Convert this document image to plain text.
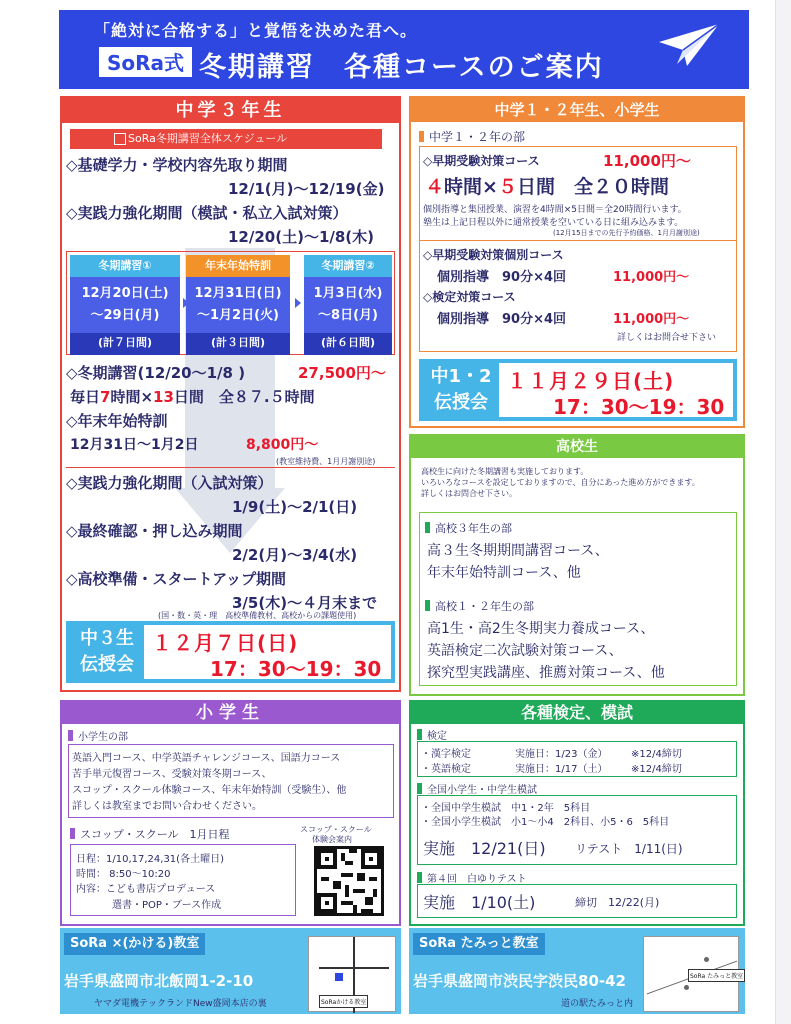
「絶対に合格する」と覚悟を決めた君へ。
SoRa式 冬期講習　各種コースのご案内
中学３年生
SoRa冬期講習全体スケジュール
◇基礎学力・学校内容先取り期間
12/1(月)～12/19(金)
◇実践力強化期間（模試・私立入試対策）
12/20(土)～1/8(木)
冬期講習①
12月20日(土)
～29日(月)
(計７日間)
年末年始特訓
12月31日(日)
～1月2日(火)
(計３日間)
冬期講習②
1月3日(水)
～8日(月)
(計６日間)
◇冬期講習(12/20～1/8 )	27,500円～
毎日7時間×13日間　全８７.５時間
◇年末年始特訓
12月31日～1月2日	8,800円～
(教室維持費、1月月謝別途)
◇実践力強化期間（入試対策）
1/9(土)～2/1(日)
◇最終確認・押し込み期間
2/2(月)～3/4(水)
◇高校準備・スタートアップ期間
3/5(木)～４月末まで
(国・数・英・理　高校準備教材、高校からの課題使用)
中３生
伝授会
１２月７日(日)
17：30～19：30
中学１・２年生、小学生
中学１・２年の部
◇早期受験対策コース	11,000円～
４時間×５日間　全２０時間
個別指導と集団授業、演習を4時間×5日間＝全20時間行います。
塾生は上記日程以外に通常授業を空いている日に組み込みます。
(12月15日までの先行予約価格、1月月謝別途)
◇早期受験対策個別コース
個別指導　90分×4回	11,000円～
◇検定対策コース
個別指導　90分×4回	11,000円～
詳しくはお問合せ下さい
中1・2
伝授会
１１月２９日(土)
17：30～19：30
高校生
高校生に向けた冬期講習も実施しております。
いろいろなコースを設定しておりますので、自分にあった進め方ができます。
詳しくはお問合せ下さい。
高校３年生の部
高３生冬期期間講習コース、
年末年始特訓コース、他
高校１・２年生の部
高1生・高2生冬期実力養成コース、
英語検定二次試験対策コース、
探究型実践講座、推薦対策コース、他
小学生
小学生の部
英語入門コース、中学英語チャレンジコース、国語力コース
苦手単元復習コース、受験対策冬期コース、
スコップ・スクール体験コース、年末年始特訓（受験生）、他
詳しくは教室までお問い合わせください。
スコップ・スクール　1月日程	スコップ・スクール
体験会案内
日程：1/10,17,24,31(各土曜日)
時間： 8:50～10:20
内容：こども書店プロデュース
選書・POP・ブース作成
各種検定、模試
検定
・漢字検定	実施日：1/23（金） ※12/4締切
・英語検定	実施日：1/17（土） ※12/4締切
全国小学生・中学生模試
・全国中学生模試　中1・2年　5科目
・全国小学生模試　小1～小4　2科目、小5・6　5科目
実施　12/21(日) リテスト　1/11(日)
第４回　白ゆりテスト
実施　1/10(土)	締切　12/22(月)
SoRa ×(かける)教室
岩手県盛岡市北飯岡1-2-10
ヤマダ電機テックランドNew盛岡本店の裏	SoRaかける教室
SoRa たみっと教室
岩手県盛岡市渋民字渋民80-42
道の駅たみっと内
SoRa たみっと教室
